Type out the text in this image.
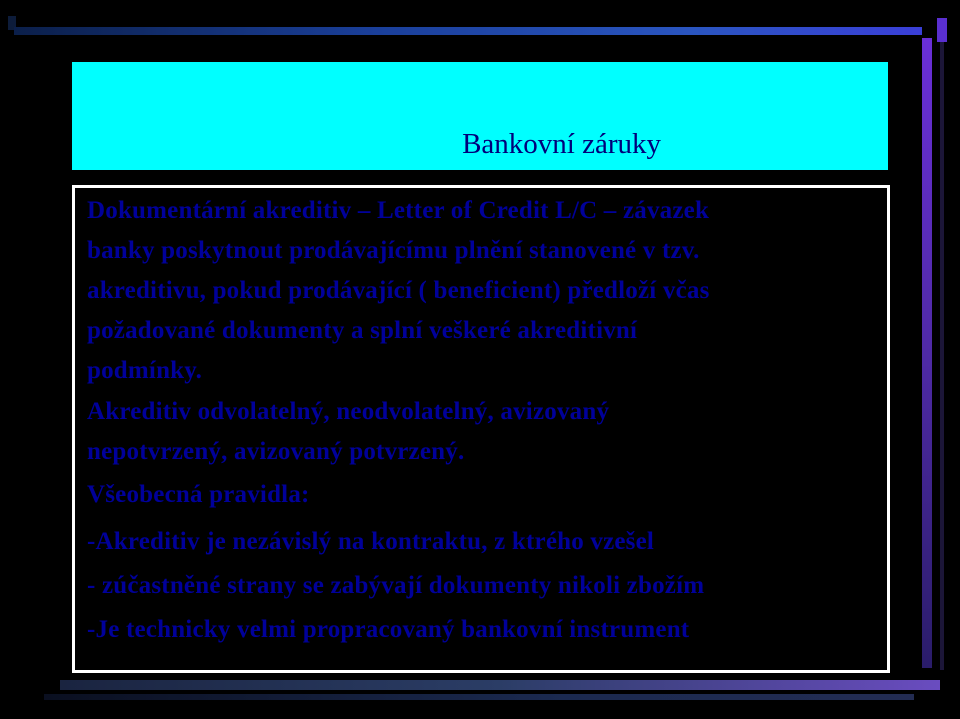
Bankovní záruky

Dokumentární akreditiv – Letter of Credit L/C – závazek
banky poskytnout prodávajícímu plnění stanovené v tzv.
akreditivu, pokud prodávající ( beneficient) předloží včas
požadované dokumenty a splní veškeré akreditivní
podmínky.

Akreditiv odvolatelný, neodvolatelný, avizovaný
nepotvrzený, avizovaný potvrzený.

Všeobecná pravidla:

-Akreditiv je nezávislý na kontraktu, z ktrého vzešel

- zúčastněné strany se zabývají dokumenty nikoli zbožím

-Je technicky velmi propracovaný bankovní instrument
